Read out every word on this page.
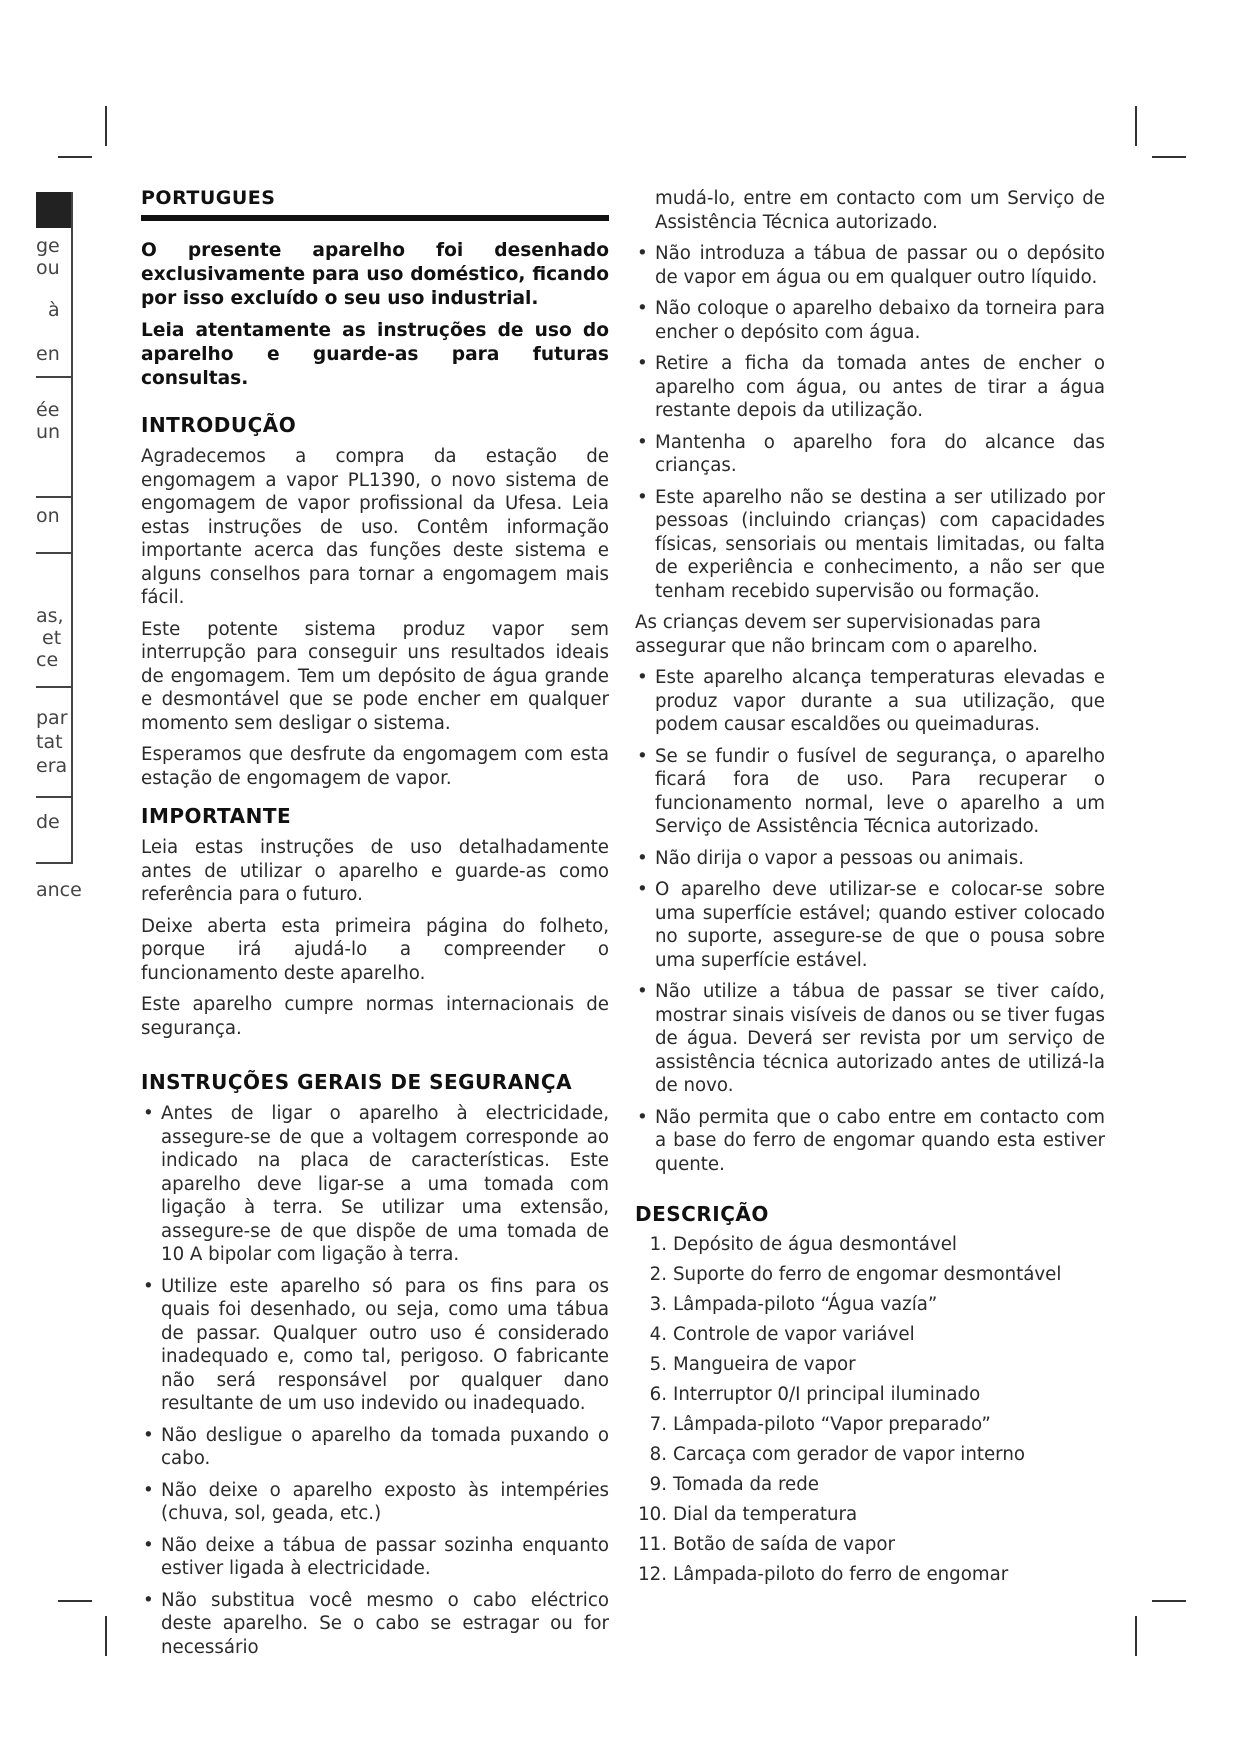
ge
ou
à
en
ée
un
on
as,
et
ce
par
tat
era
de
ance
PORTUGUES

O presente aparelho foi desenhado exclusivamente para uso doméstico, ficando por isso excluído o seu uso industrial.

Leia atentamente as instruções de uso do aparelho e guarde-as para futuras consultas.

INTRODUÇÃO

Agradecemos a compra da estação de engomagem a vapor PL1390, o novo sistema de engomagem de vapor profissional da Ufesa. Leia estas instruções de uso. Contêm informação importante acerca das funções deste sistema e alguns conselhos para tornar a engomagem mais fácil.

Este potente sistema produz vapor sem interrupção para conseguir uns resultados ideais de engomagem. Tem um depósito de água grande e desmontável que se pode encher em qualquer momento sem desligar o sistema.

Esperamos que desfrute da engomagem com esta estação de engomagem de vapor.

IMPORTANTE

Leia estas instruções de uso detalhadamente antes de utilizar o aparelho e guarde-as como referência para o futuro.

Deixe aberta esta primeira página do folheto, porque irá ajudá-lo a compreender o funcionamento deste aparelho.

Este aparelho cumpre normas internacionais de segurança.

INSTRUÇÕES GERAIS DE SEGURANÇA
• Antes de ligar o aparelho à electricidade, assegure-se de que a voltagem corresponde ao indicado na placa de características. Este aparelho deve ligar-se a uma tomada com ligação à terra. Se utilizar uma extensão, assegure-se de que dispõe de uma tomada de 10 A bipolar com ligação à terra.
• Utilize este aparelho só para os fins para os quais foi desenhado, ou seja, como uma tábua de passar. Qualquer outro uso é considerado inadequado e, como tal, perigoso. O fabricante não será responsável por qualquer dano resultante de um uso indevido ou inadequado.
• Não desligue o aparelho da tomada puxando o cabo.
• Não deixe o aparelho exposto às intempéries (chuva, sol, geada, etc.)
• Não deixe a tábua de passar sozinha enquanto estiver ligada à electricidade.
• Não substitua você mesmo o cabo eléctrico deste aparelho. Se o cabo se estragar ou for necessário
mudá-lo, entre em contacto com um Serviço de Assistência Técnica autorizado.
• Não introduza a tábua de passar ou o depósito de vapor em água ou em qualquer outro líquido.
• Não coloque o aparelho debaixo da torneira para encher o depósito com água.
• Retire a ficha da tomada antes de encher o aparelho com água, ou antes de tirar a água restante depois da utilização.
• Mantenha o aparelho fora do alcance das crianças.
• Este aparelho não se destina a ser utilizado por pessoas (incluindo crianças) com capacidades físicas, sensoriais ou mentais limitadas, ou falta de experiência e conhecimento, a não ser que tenham recebido supervisão ou formação.
As crianças devem ser supervisionadas para assegurar que não brincam com o aparelho.
• Este aparelho alcança temperaturas elevadas e produz vapor durante a sua utilização, que podem causar escaldões ou queimaduras.
• Se se fundir o fusível de segurança, o aparelho ficará fora de uso. Para recuperar o funcionamento normal, leve o aparelho a um Serviço de Assistência Técnica autorizado.
• Não dirija o vapor a pessoas ou animais.
• O aparelho deve utilizar-se e colocar-se sobre uma superfície estável; quando estiver colocado no suporte, assegure-se de que o pousa sobre uma superfície estável.
• Não utilize a tábua de passar se tiver caído, mostrar sinais visíveis de danos ou se tiver fugas de água. Deverá ser revista por um serviço de assistência técnica autorizado antes de utilizá-la de novo.
• Não permita que o cabo entre em contacto com a base do ferro de engomar quando esta estiver quente.
DESCRIÇÃO
1. Depósito de água desmontável
2. Suporte do ferro de engomar desmontável
3. Lâmpada-piloto “Água vazía”
4. Controle de vapor variável
5. Mangueira de vapor
6. Interruptor 0/I principal iluminado
7. Lâmpada-piloto “Vapor preparado”
8. Carcaça com gerador de vapor interno
9. Tomada da rede
10. Dial da temperatura
11. Botão de saída de vapor
12. Lâmpada-piloto do ferro de engomar
